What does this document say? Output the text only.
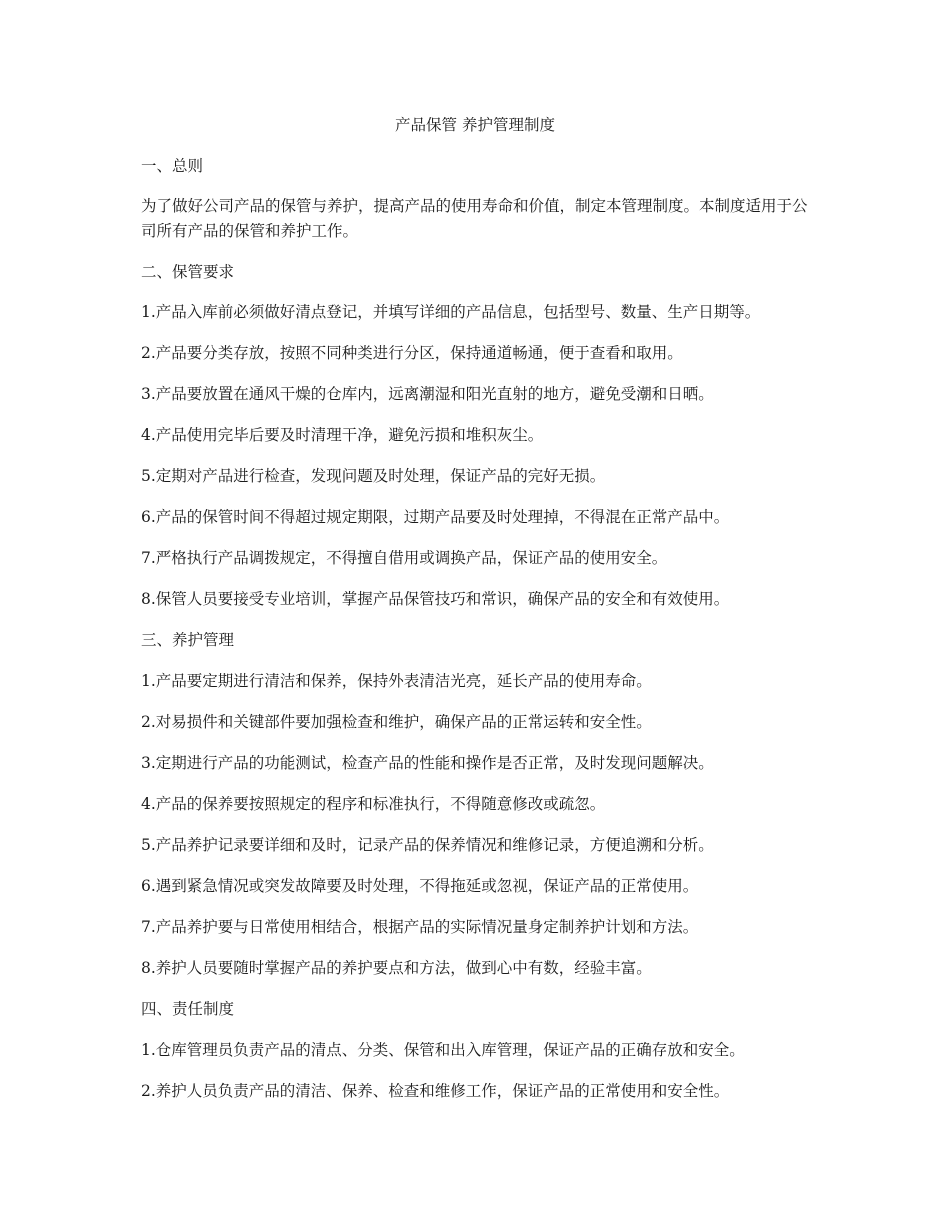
产品保管 养护管理制度

一、总则

为了做好公司产品的保管与养护，提高产品的使用寿命和价值，制定本管理制度。本制度适用于公司所有产品的保管和养护工作。

二、保管要求

1.产品入库前必须做好清点登记，并填写详细的产品信息，包括型号、数量、生产日期等。

2.产品要分类存放，按照不同种类进行分区，保持通道畅通，便于查看和取用。

3.产品要放置在通风干燥的仓库内，远离潮湿和阳光直射的地方，避免受潮和日晒。

4.产品使用完毕后要及时清理干净，避免污损和堆积灰尘。

5.定期对产品进行检查，发现问题及时处理，保证产品的完好无损。

6.产品的保管时间不得超过规定期限，过期产品要及时处理掉，不得混在正常产品中。

7.严格执行产品调拨规定，不得擅自借用或调换产品，保证产品的使用安全。

8.保管人员要接受专业培训，掌握产品保管技巧和常识，确保产品的安全和有效使用。

三、养护管理

1.产品要定期进行清洁和保养，保持外表清洁光亮，延长产品的使用寿命。

2.对易损件和关键部件要加强检查和维护，确保产品的正常运转和安全性。

3.定期进行产品的功能测试，检查产品的性能和操作是否正常，及时发现问题解决。

4.产品的保养要按照规定的程序和标准执行，不得随意修改或疏忽。

5.产品养护记录要详细和及时，记录产品的保养情况和维修记录，方便追溯和分析。

6.遇到紧急情况或突发故障要及时处理，不得拖延或忽视，保证产品的正常使用。

7.产品养护要与日常使用相结合，根据产品的实际情况量身定制养护计划和方法。

8.养护人员要随时掌握产品的养护要点和方法，做到心中有数，经验丰富。

四、责任制度

1.仓库管理员负责产品的清点、分类、保管和出入库管理，保证产品的正确存放和安全。

2.养护人员负责产品的清洁、保养、检查和维修工作，保证产品的正常使用和安全性。
